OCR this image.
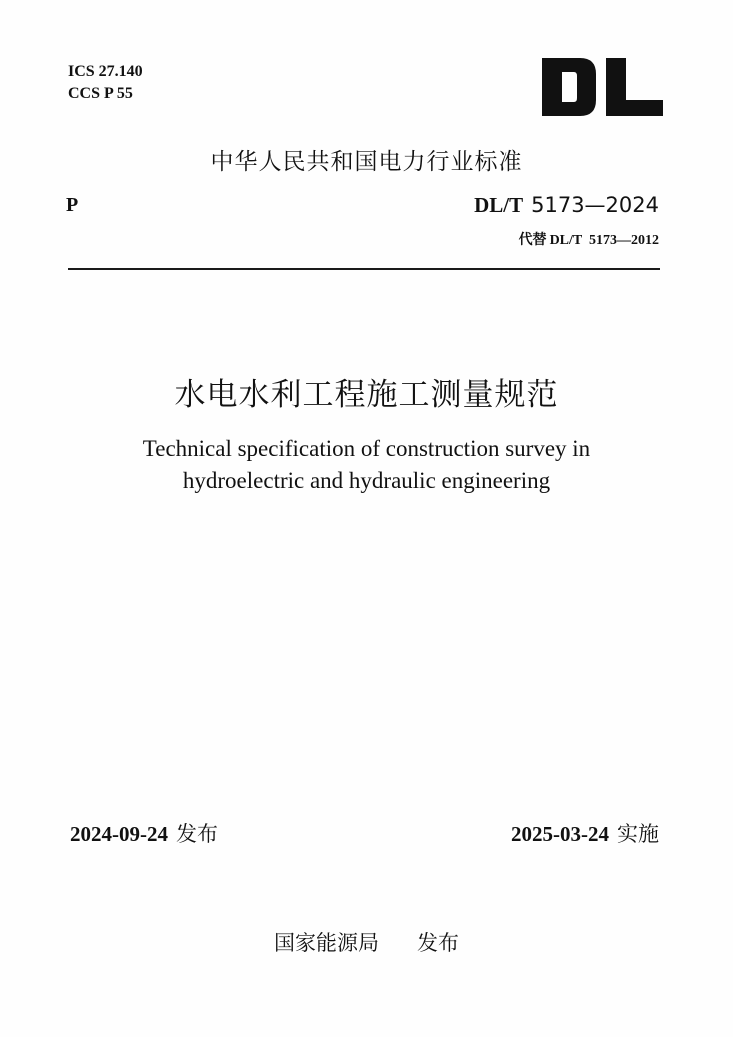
ICS 27.140
CCS P 55
中华人民共和国电力行业标准
P	DL/T 5173—2024
代替 DL/T  5173—2012
水电水利工程施工测量规范
Technical specification of construction survey in
hydroelectric and hydraulic engineering
2024-09-24 发布	2025-03-24 实施
国家能源局 发布
